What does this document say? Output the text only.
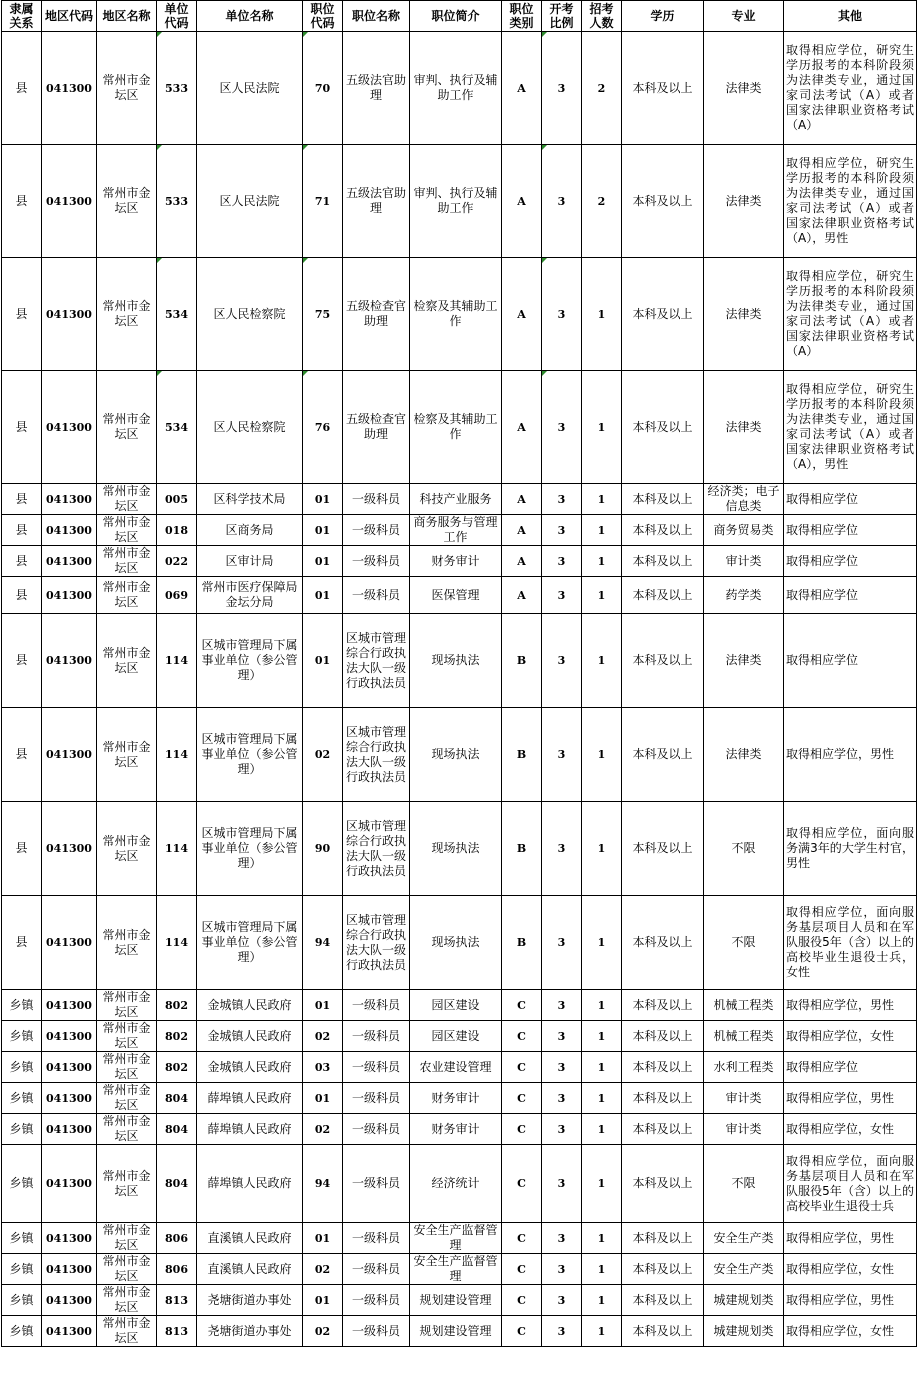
隶属关系	地区代码	地区名称	单位代码	单位名称	职位代码	职位名称	职位简介	职位类别	开考比例	招考人数	学历	专业	其他
县	041300	常州市金坛区	533	区人民法院	70	五级法官助理	审判、执行及辅助工作	A	3	2	本科及以上	法律类	取得相应学位，研究生学历报考的本科阶段须为法律类专业，通过国家司法考试（A）或者国家法律职业资格考试（A）
县	041300	常州市金坛区	533	区人民法院	71	五级法官助理	审判、执行及辅助工作	A	3	2	本科及以上	法律类	取得相应学位，研究生学历报考的本科阶段须为法律类专业，通过国家司法考试（A）或者国家法律职业资格考试（A），男性
县	041300	常州市金坛区	534	区人民检察院	75	五级检查官助理	检察及其辅助工作	A	3	1	本科及以上	法律类	取得相应学位，研究生学历报考的本科阶段须为法律类专业，通过国家司法考试（A）或者国家法律职业资格考试（A）
县	041300	常州市金坛区	534	区人民检察院	76	五级检查官助理	检察及其辅助工作	A	3	1	本科及以上	法律类	取得相应学位，研究生学历报考的本科阶段须为法律类专业，通过国家司法考试（A）或者国家法律职业资格考试（A），男性
县	041300	常州市金坛区	005	区科学技术局	01	一级科员	科技产业服务	A	3	1	本科及以上	经济类；电子信息类	取得相应学位
县	041300	常州市金坛区	018	区商务局	01	一级科员	商务服务与管理工作	A	3	1	本科及以上	商务贸易类	取得相应学位
县	041300	常州市金坛区	022	区审计局	01	一级科员	财务审计	A	3	1	本科及以上	审计类	取得相应学位
县	041300	常州市金坛区	069	常州市医疗保障局金坛分局	01	一级科员	医保管理	A	3	1	本科及以上	药学类	取得相应学位
县	041300	常州市金坛区	114	区城市管理局下属事业单位（参公管理）	01	区城市管理综合行政执法大队一级行政执法员	现场执法	B	3	1	本科及以上	法律类	取得相应学位
县	041300	常州市金坛区	114	区城市管理局下属事业单位（参公管理）	02	区城市管理综合行政执法大队一级行政执法员	现场执法	B	3	1	本科及以上	法律类	取得相应学位，男性
县	041300	常州市金坛区	114	区城市管理局下属事业单位（参公管理）	90	区城市管理综合行政执法大队一级行政执法员	现场执法	B	3	1	本科及以上	不限	取得相应学位，面向服务满3年的大学生村官，男性
县	041300	常州市金坛区	114	区城市管理局下属事业单位（参公管理）	94	区城市管理综合行政执法大队一级行政执法员	现场执法	B	3	1	本科及以上	不限	取得相应学位，面向服务基层项目人员和在军队服役5年（含）以上的高校毕业生退役士兵，女性
乡镇	041300	常州市金坛区	802	金城镇人民政府	01	一级科员	园区建设	C	3	1	本科及以上	机械工程类	取得相应学位，男性
乡镇	041300	常州市金坛区	802	金城镇人民政府	02	一级科员	园区建设	C	3	1	本科及以上	机械工程类	取得相应学位，女性
乡镇	041300	常州市金坛区	802	金城镇人民政府	03	一级科员	农业建设管理	C	3	1	本科及以上	水利工程类	取得相应学位
乡镇	041300	常州市金坛区	804	薛埠镇人民政府	01	一级科员	财务审计	C	3	1	本科及以上	审计类	取得相应学位，男性
乡镇	041300	常州市金坛区	804	薛埠镇人民政府	02	一级科员	财务审计	C	3	1	本科及以上	审计类	取得相应学位，女性
乡镇	041300	常州市金坛区	804	薛埠镇人民政府	94	一级科员	经济统计	C	3	1	本科及以上	不限	取得相应学位，面向服务基层项目人员和在军队服役5年（含）以上的高校毕业生退役士兵
乡镇	041300	常州市金坛区	806	直溪镇人民政府	01	一级科员	安全生产监督管理	C	3	1	本科及以上	安全生产类	取得相应学位，男性
乡镇	041300	常州市金坛区	806	直溪镇人民政府	02	一级科员	安全生产监督管理	C	3	1	本科及以上	安全生产类	取得相应学位，女性
乡镇	041300	常州市金坛区	813	尧塘街道办事处	01	一级科员	规划建设管理	C	3	1	本科及以上	城建规划类	取得相应学位，男性
乡镇	041300	常州市金坛区	813	尧塘街道办事处	02	一级科员	规划建设管理	C	3	1	本科及以上	城建规划类	取得相应学位，女性
